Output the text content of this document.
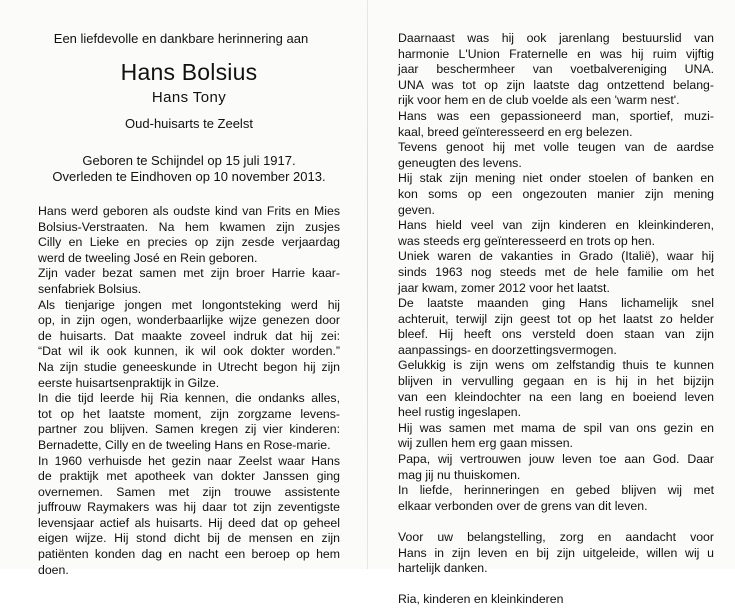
Een liefdevolle en dankbare herinnering aan
Hans Bolsius
Hans Tony
Oud-huisarts te Zeelst
Geboren te Schijndel op 15 juli 1917.
Overleden te Eindhoven op 10 november 2013.
Hans werd geboren als oudste kind van Frits en Mies
Bolsius-Verstraaten. Na hem kwamen zijn zusjes
Cilly en Lieke en precies op zijn zesde verjaardag
werd de tweeling José en Rein geboren.
Zijn vader bezat samen met zijn broer Harrie kaar-
senfabriek Bolsius.
Als tienjarige jongen met longontsteking werd hij
op, in zijn ogen, wonderbaarlijke wijze genezen door
de huisarts. Dat maakte zoveel indruk dat hij zei:
“Dat wil ik ook kunnen, ik wil ook dokter worden.”
Na zijn studie geneeskunde in Utrecht begon hij zijn
eerste huisartsenpraktijk in Gilze.
In die tijd leerde hij Ria kennen, die ondanks alles,
tot op het laatste moment, zijn zorgzame levens-
partner zou blijven. Samen kregen zij vier kinderen:
Bernadette, Cilly en de tweeling Hans en Rose-marie.
In 1960 verhuisde het gezin naar Zeelst waar Hans
de praktijk met apotheek van dokter Janssen ging
overnemen. Samen met zijn trouwe assistente
juffrouw Raymakers was hij daar tot zijn zeventigste
levensjaar actief als huisarts. Hij deed dat op geheel
eigen wijze. Hij stond dicht bij de mensen en zijn
patiënten konden dag en nacht een beroep op hem
doen.
Daarnaast was hij ook jarenlang bestuurslid van
harmonie L'Union Fraternelle en was hij ruim vijftig
jaar beschermheer van voetbalvereniging UNA.
UNA was tot op zijn laatste dag ontzettend belang-
rijk voor hem en de club voelde als een 'warm nest'.
Hans was een gepassioneerd man, sportief, muzi-
kaal, breed geïnteresseerd en erg belezen.
Tevens genoot hij met volle teugen van de aardse
geneugten des levens.
Hij stak zijn mening niet onder stoelen of banken en
kon soms op een ongezouten manier zijn mening
geven.
Hans hield veel van zijn kinderen en kleinkinderen,
was steeds erg geïnteresseerd en trots op hen.
Uniek waren de vakanties in Grado (Italië), waar hij
sinds 1963 nog steeds met de hele familie om het
jaar kwam, zomer 2012 voor het laatst.
De laatste maanden ging Hans lichamelijk snel
achteruit, terwijl zijn geest tot op het laatst zo helder
bleef. Hij heeft ons versteld doen staan van zijn
aanpassings- en doorzettingsvermogen.
Gelukkig is zijn wens om zelfstandig thuis te kunnen
blijven in vervulling gegaan en is hij in het bijzijn
van een kleindochter na een lang en boeiend leven
heel rustig ingeslapen.
Hij was samen met mama de spil van ons gezin en
wij zullen hem erg gaan missen.
Papa, wij vertrouwen jouw leven toe aan God. Daar
mag jij nu thuiskomen.
In liefde, herinneringen en gebed blijven wij met
elkaar verbonden over de grens van dit leven.
Voor uw belangstelling, zorg en aandacht voor
Hans in zijn leven en bij zijn uitgeleide, willen wij u
hartelijk danken.
Ria, kinderen en kleinkinderen
